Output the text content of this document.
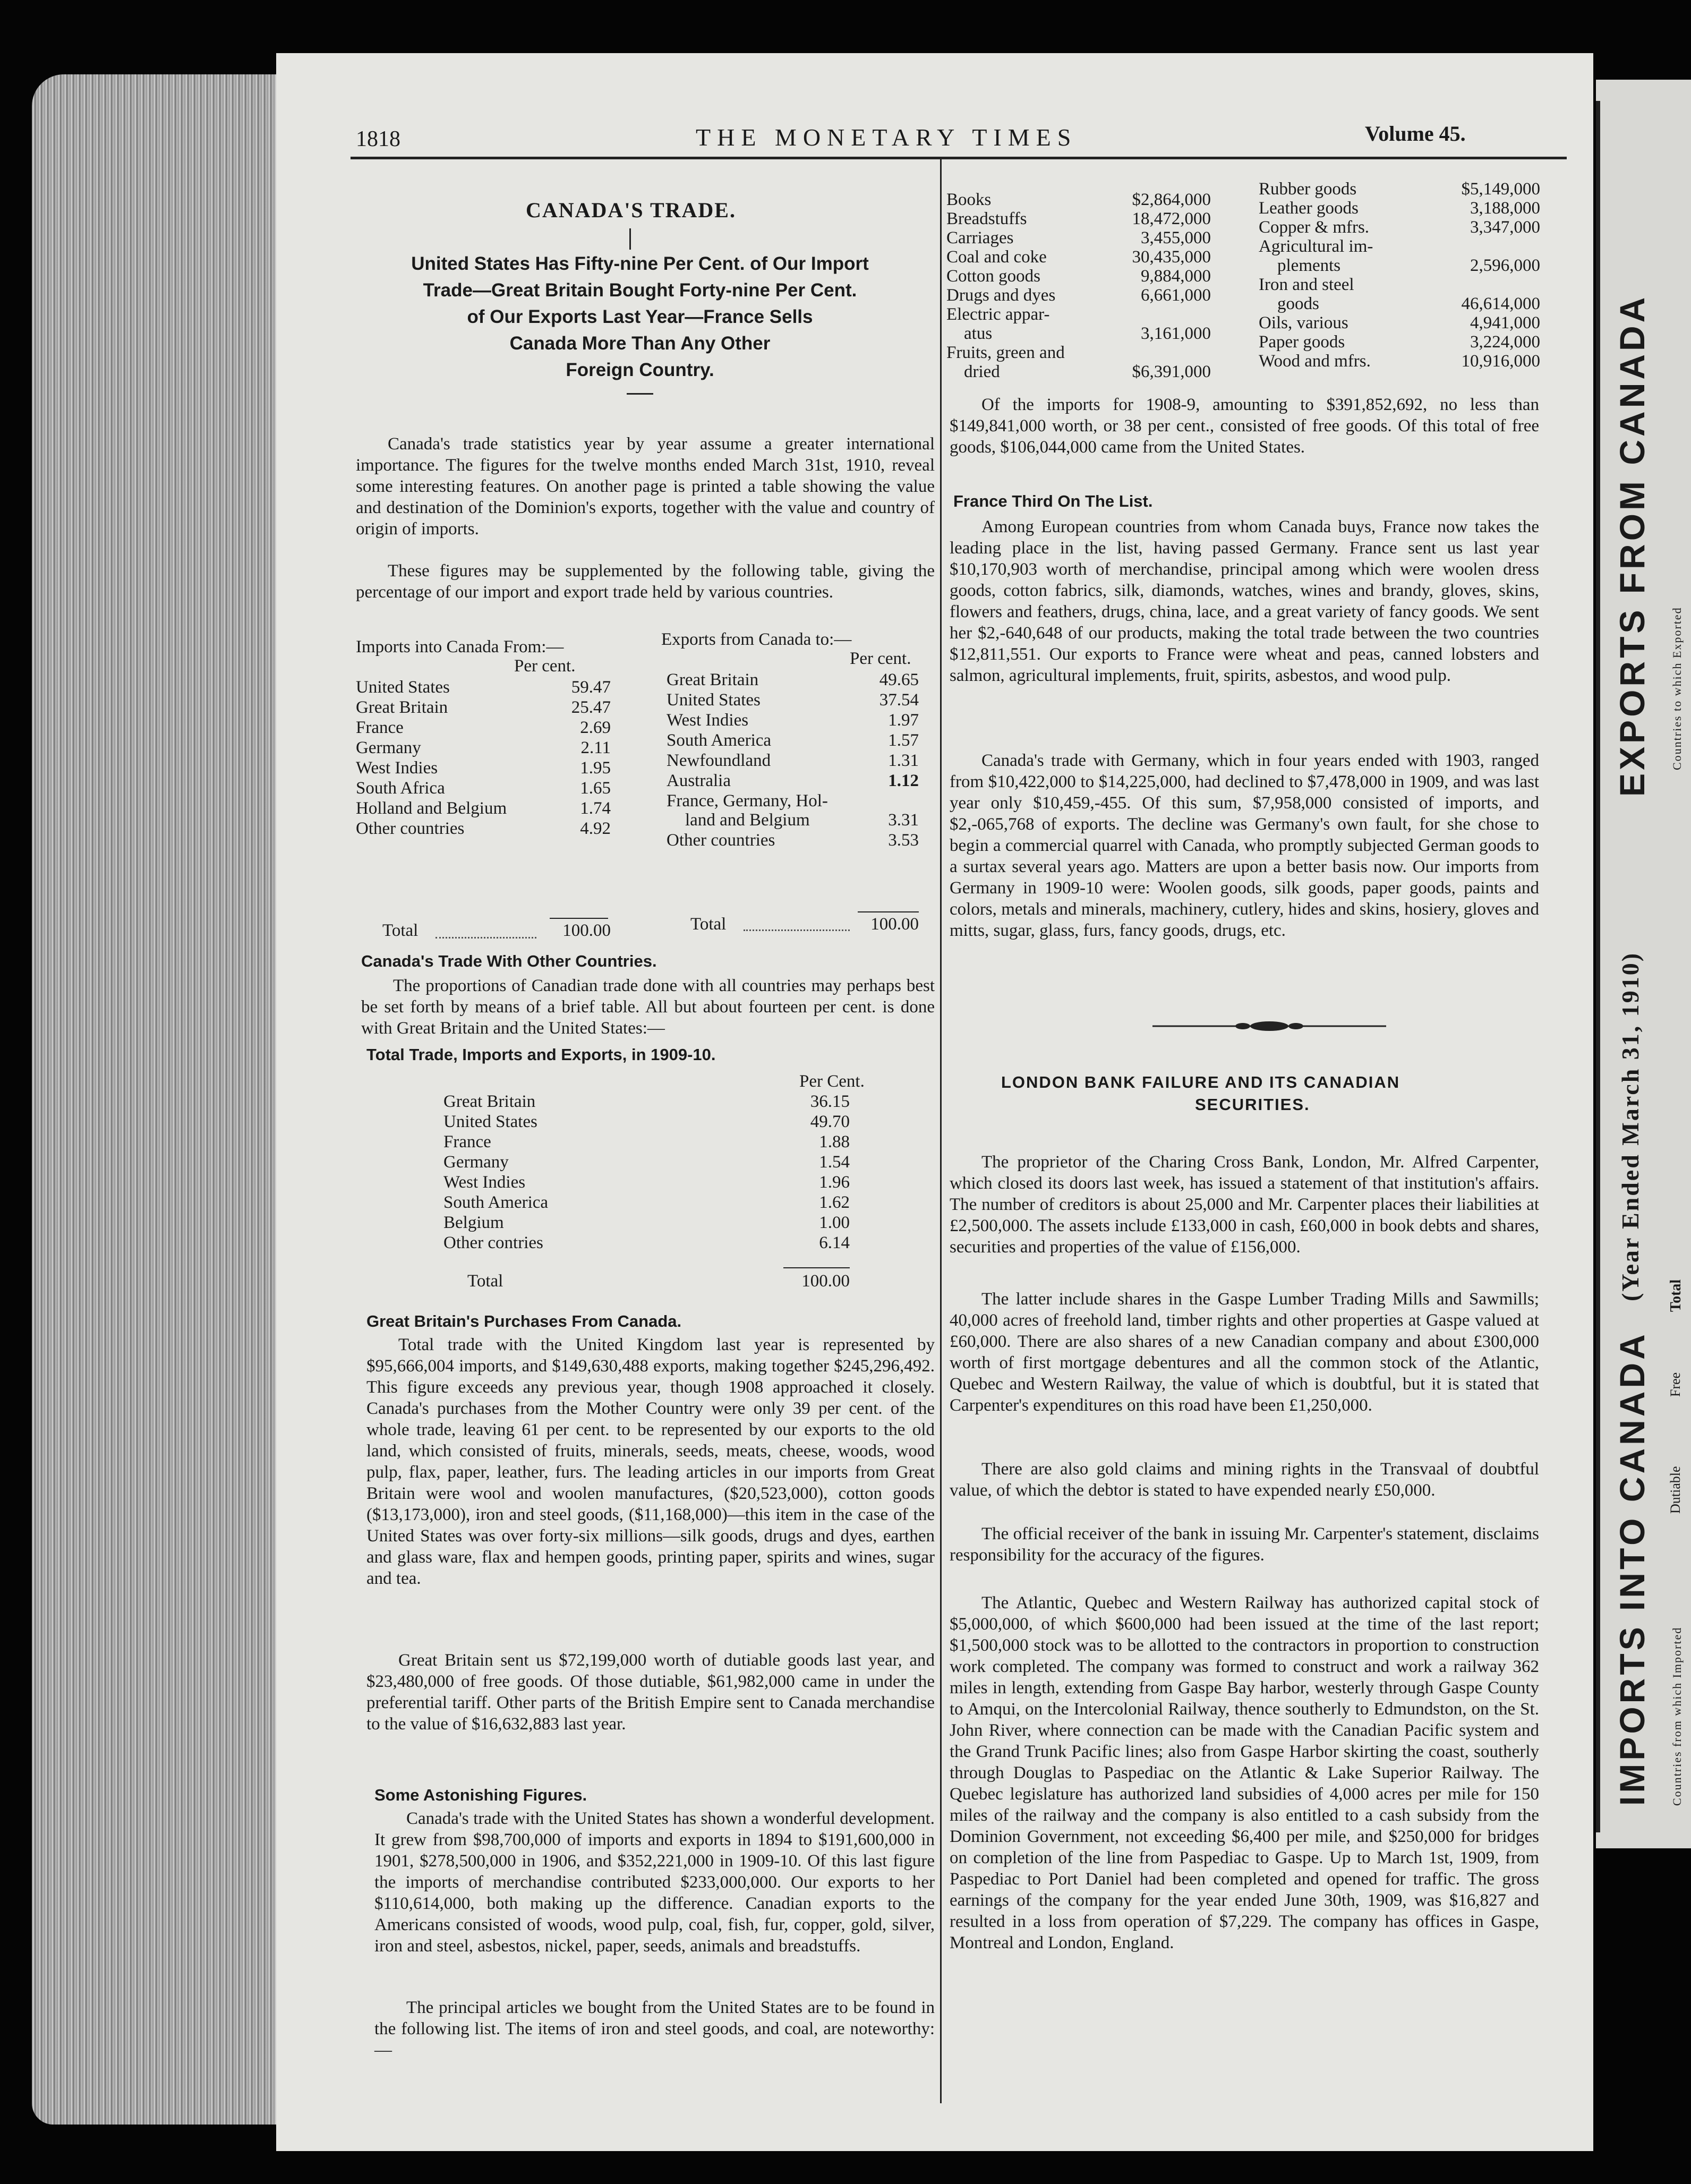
1818	THE MONETARY TIMES	Volume 45.
CANADA'S TRADE.
United States Has Fifty-nine Per Cent. of Our Import
Trade—Great Britain Bought Forty-nine Per Cent.
of Our Exports Last Year—France Sells
Canada More Than Any Other
Foreign Country.
Canada's trade statistics year by year assume a greater international importance. The figures for the twelve months ended March 31st, 1910, reveal some interesting features. On another page is printed a table showing the value and destination of the Dominion's exports, together with the value and country of origin of imports.
These figures may be supplemented by the following table, giving the percentage of our import and export trade held by various countries.
Imports into Canada From:—
Per cent.
United States	59.47
Great Britain	25.47
France	2.69
Germany	2.11
West Indies	1.95
South Africa	1.65
Holland and Belgium	1.74
Other countries	4.92
Total	100.00
Exports from Canada to:—
Per cent.
Great Britain	49.65
United States	37.54
West Indies	1.97
South America	1.57
Newfoundland	1.31
Australia	1.12
France, Germany, Hol-
land and Belgium	3.31
Other countries	3.53
Total	100.00
Canada's Trade With Other Countries.
The proportions of Canadian trade done with all countries may perhaps best be set forth by means of a brief table. All but about fourteen per cent. is done with Great Britain and the United States:—
Total Trade, Imports and Exports, in 1909-10.
Per Cent.
Great Britain	36.15
United States	49.70
France	1.88
Germany	1.54
West Indies	1.96
South America	1.62
Belgium	1.00
Other contries	6.14
Total	100.00
Great Britain's Purchases From Canada.
Total trade with the United Kingdom last year is represented by $95,666,004 imports, and $149,630,488 exports, making together $245,296,492. This figure exceeds any previous year, though 1908 approached it closely. Canada's purchases from the Mother Country were only 39 per cent. of the whole trade, leaving 61 per cent. to be represented by our exports to the old land, which consisted of fruits, minerals, seeds, meats, cheese, woods, wood pulp, flax, paper, leather, furs. The leading articles in our imports from Great Britain were wool and woolen manufactures, ($20,523,000), cotton goods ($13,173,000), iron and steel goods, ($11,168,000)—this item in the case of the United States was over forty-six millions—silk goods, drugs and dyes, earthen and glass ware, flax and hempen goods, printing paper, spirits and wines, sugar and tea.
Great Britain sent us $72,199,000 worth of dutiable goods last year, and $23,480,000 of free goods. Of those dutiable, $61,982,000 came in under the preferential tariff. Other parts of the British Empire sent to Canada merchandise to the value of $16,632,883 last year.
Some Astonishing Figures.
Canada's trade with the United States has shown a wonderful development. It grew from $98,700,000 of imports and exports in 1894 to $191,600,000 in 1901, $278,500,000 in 1906, and $352,221,000 in 1909-10. Of this last figure the imports of merchandise contributed $233,000,000. Our exports to her $110,614,000, both making up the difference. Canadian exports to the Americans consisted of woods, wood pulp, coal, fish, fur, copper, gold, silver, iron and steel, asbestos, nickel, paper, seeds, animals and breadstuffs.
The principal articles we bought from the United States are to be found in the following list. The items of iron and steel goods, and coal, are noteworthy:—
Books	$2,864,000
Breadstuffs	18,472,000
Carriages	3,455,000
Coal and coke	30,435,000
Cotton goods	9,884,000
Drugs and dyes	6,661,000
Electric appar-
atus	3,161,000
Fruits, green and
dried	$6,391,000
Rubber goods	$5,149,000
Leather goods	3,188,000
Copper & mfrs.	3,347,000
Agricultural im-
plements	2,596,000
Iron and steel
goods	46,614,000
Oils, various	4,941,000
Paper goods	3,224,000
Wood and mfrs.	10,916,000
Of the imports for 1908-9, amounting to $391,852,692, no less than $149,841,000 worth, or 38 per cent., consisted of free goods. Of this total of free goods, $106,044,000 came from the United States.
France Third On The List.
Among European countries from whom Canada buys, France now takes the leading place in the list, having passed Germany. France sent us last year $10,170,903 worth of merchandise, principal among which were woolen dress goods, cotton fabrics, silk, diamonds, watches, wines and brandy, gloves, skins, flowers and feathers, drugs, china, lace, and a great variety of fancy goods. We sent her $2,-640,648 of our products, making the total trade between the two countries $12,811,551. Our exports to France were wheat and peas, canned lobsters and salmon, agricultural implements, fruit, spirits, asbestos, and wood pulp.
Canada's trade with Germany, which in four years ended with 1903, ranged from $10,422,000 to $14,225,000, had declined to $7,478,000 in 1909, and was last year only $10,459,-455. Of this sum, $7,958,000 consisted of imports, and $2,-065,768 of exports. The decline was Germany's own fault, for she chose to begin a commercial quarrel with Canada, who promptly subjected German goods to a surtax several years ago. Matters are upon a better basis now. Our imports from Germany in 1909-10 were: Woolen goods, silk goods, paper goods, paints and colors, metals and minerals, machinery, cutlery, hides and skins, hosiery, gloves and mitts, sugar, glass, furs, fancy goods, drugs, etc.
LONDON BANK FAILURE AND ITS CANADIAN
SECURITIES.
The proprietor of the Charing Cross Bank, London, Mr. Alfred Carpenter, which closed its doors last week, has issued a statement of that institution's affairs. The number of creditors is about 25,000 and Mr. Carpenter places their liabilities at £2,500,000. The assets include £133,000 in cash, £60,000 in book debts and shares, securities and properties of the value of £156,000.
The latter include shares in the Gaspe Lumber Trading Mills and Sawmills; 40,000 acres of freehold land, timber rights and other properties at Gaspe valued at £60,000. There are also shares of a new Canadian company and about £300,000 worth of first mortgage debentures and all the common stock of the Atlantic, Quebec and Western Railway, the value of which is doubtful, but it is stated that Carpenter's expenditures on this road have been £1,250,000.
There are also gold claims and mining rights in the Transvaal of doubtful value, of which the debtor is stated to have expended nearly £50,000.
The official receiver of the bank in issuing Mr. Carpenter's statement, disclaims responsibility for the accuracy of the figures.
The Atlantic, Quebec and Western Railway has authorized capital stock of $5,000,000, of which $600,000 had been issued at the time of the last report; $1,500,000 stock was to be allotted to the contractors in proportion to construction work completed. The company was formed to construct and work a railway 362 miles in length, extending from Gaspe Bay harbor, westerly through Gaspe County to Amqui, on the Intercolonial Railway, thence southerly to Edmundston, on the St. John River, where connection can be made with the Canadian Pacific system and the Grand Trunk Pacific lines; also from Gaspe Harbor skirting the coast, southerly through Douglas to Paspediac on the Atlantic & Lake Superior Railway. The Quebec legislature has authorized land subsidies of 4,000 acres per mile for 150 miles of the railway and the company is also entitled to a cash subsidy from the Dominion Government, not exceeding $6,400 per mile, and $250,000 for bridges on completion of the line from Paspediac to Gaspe. Up to March 1st, 1909, from Paspediac to Port Daniel had been completed and opened for traffic. The gross earnings of the company for the year ended June 30th, 1909, was $16,827 and resulted in a loss from operation of $7,229. The company has offices in Gaspe, Montreal and London, England.
IMPORTS INTO CANADA
(Year Ended March 31, 1910)
EXPORTS FROM CANADA
Countries from which Imported
Dutiable
Free
Total
Countries to which Exported
